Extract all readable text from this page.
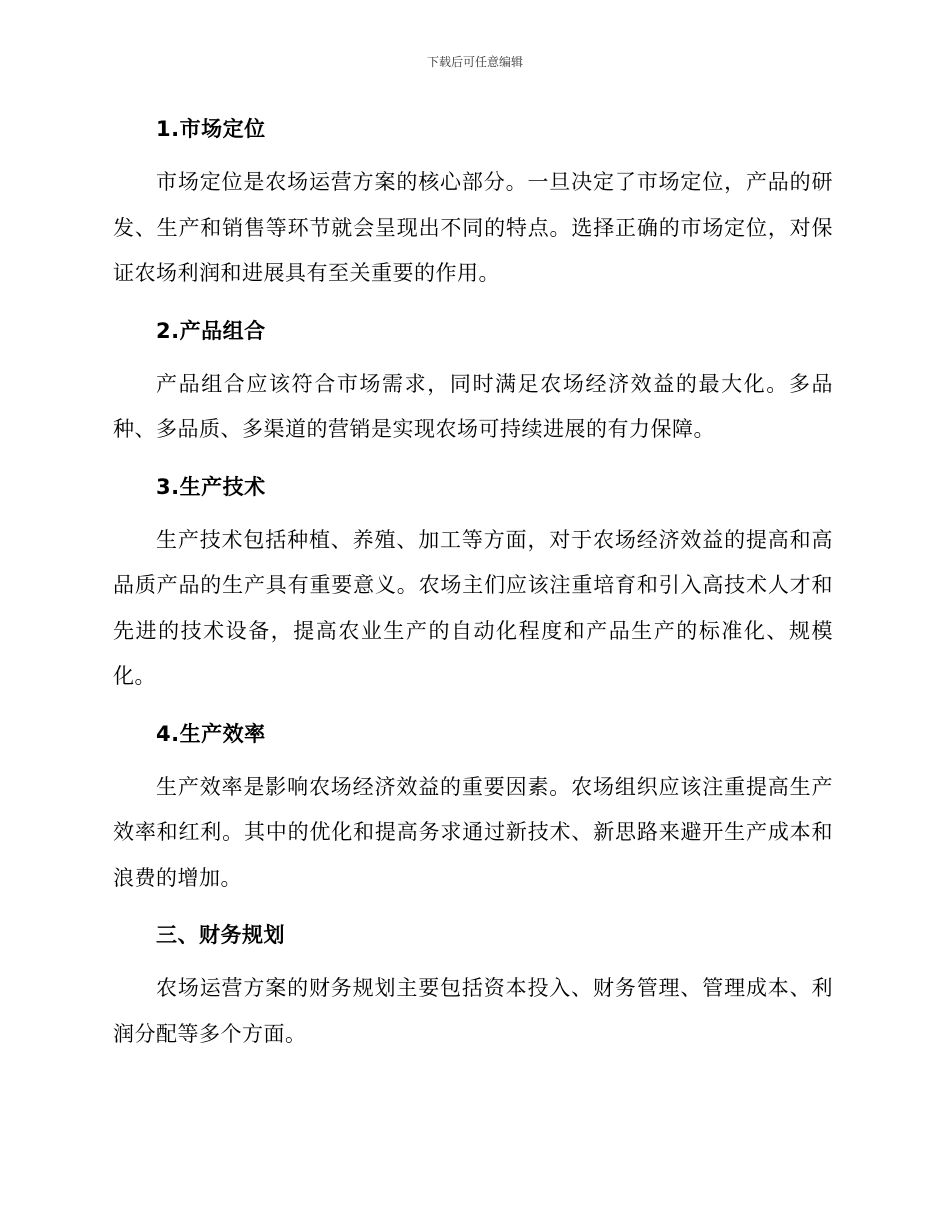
下载后可任意编辑
1.市场定位

市场定位是农场运营方案的核心部分。一旦决定了市场定位，产品的研发、生产和销售等环节就会呈现出不同的特点。选择正确的市场定位，对保证农场利润和进展具有至关重要的作用。

2.产品组合

产品组合应该符合市场需求，同时满足农场经济效益的最大化。多品种、多品质、多渠道的营销是实现农场可持续进展的有力保障。

3.生产技术

生产技术包括种植、养殖、加工等方面，对于农场经济效益的提高和高品质产品的生产具有重要意义。农场主们应该注重培育和引入高技术人才和先进的技术设备，提高农业生产的自动化程度和产品生产的标准化、规模化。

4.生产效率

生产效率是影响农场经济效益的重要因素。农场组织应该注重提高生产效率和红利。其中的优化和提高务求通过新技术、新思路来避开生产成本和浪费的增加。

三、财务规划

农场运营方案的财务规划主要包括资本投入、财务管理、管理成本、利润分配等多个方面。
